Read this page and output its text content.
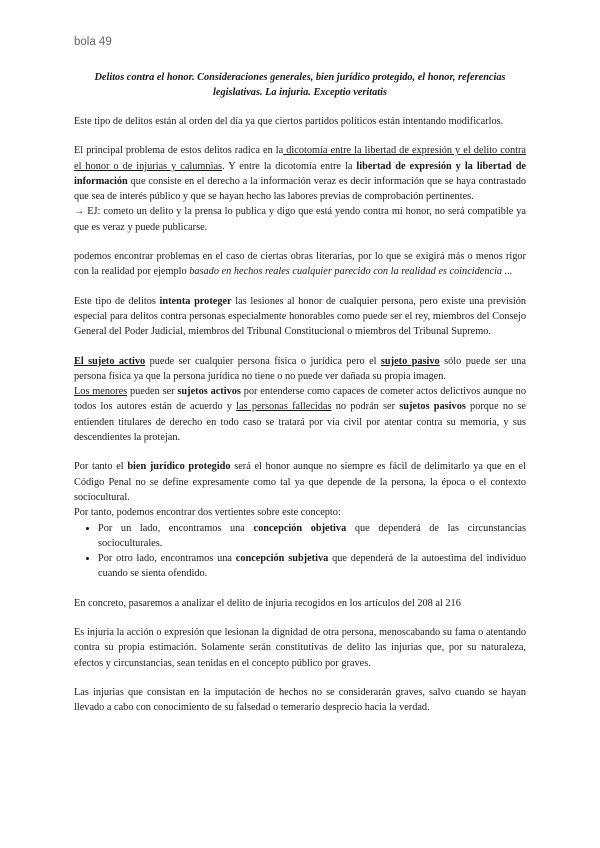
bola 49
Delitos contra el honor. Consideraciones generales, bien jurídico protegido, el honor, referencias legislativas. La injuria. Exceptio veritatis

Este tipo de delitos están al orden del día ya que ciertos partidos políticos están intentando modificarlos.

El principal problema de estos delitos radica en la dicotomía entre la libertad de expresión y el delito contra el honor o de injurias y calumnias. Y entre la dicotomía entre la libertad de expresión y la libertad de información que consiste en el derecho a la información veraz es decir información que se haya contrastado que sea de interés público y que se hayan hecho las labores previas de comprobación pertinentes.

→ EJ: cometo un delito y la prensa lo publica y digo que está yendo contra mi honor, no será compatible ya que es veraz y puede publicarse.

podemos encontrar problemas en el caso de ciertas obras literarias, por lo que se exigirá más o menos rigor con la realidad por ejemplo basado en hechos reales cualquier parecido con la realidad es coincidencia ...

Este tipo de delitos intenta proteger las lesiones al honor de cualquier persona, pero existe una previsión especial para delitos contra personas especialmente honorables como puede ser el rey, miembros del Consejo General del Poder Judicial, miembros del Tribunal Constitucional o miembros del Tribunal Supremo.

El sujeto activo puede ser cualquier persona física o jurídica pero el sujeto pasivo sólo puede ser una persona física ya que la persona jurídica no tiene o no puede ver dañada su propia imagen.

Los menores pueden ser sujetos activos por entenderse como capaces de cometer actos delictivos aunque no todos los autores están de acuerdo y las personas fallecidas no podrán ser sujetos pasivos porque no se entienden titulares de derecho en todo caso se tratará por vía civil por atentar contra su memoria, y sus descendientes la protejan.

Por tanto el bien jurídico protegido será el honor aunque no siempre es fácil de delimitarlo ya que en el Código Penal no se define expresamente como tal ya que depende de la persona, la época o el contexto sociocultural.

Por tanto, podemos encontrar dos vertientes sobre este concepto:

• Por un lado, encontramos una concepción objetiva que dependerá de las circunstancias socioculturales.
• Por otro lado, encontramos una concepción subjetiva que dependerá de la autoestima del individuo cuando se sienta ofendido.

En concreto, pasaremos a analizar el delito de injuria recogidos en los artículos del 208 al 216

Es injuria la acción o expresión que lesionan la dignidad de otra persona, menoscabando su fama o atentando contra su propia estimación. Solamente serán constitutivas de delito las injurias que, por su naturaleza, efectos y circunstancias, sean tenidas en el concepto público por graves.

Las injurias que consistan en la imputación de hechos no se considerarán graves, salvo cuando se hayan llevado a cabo con conocimiento de su falsedad o temerario desprecio hacia la verdad.
